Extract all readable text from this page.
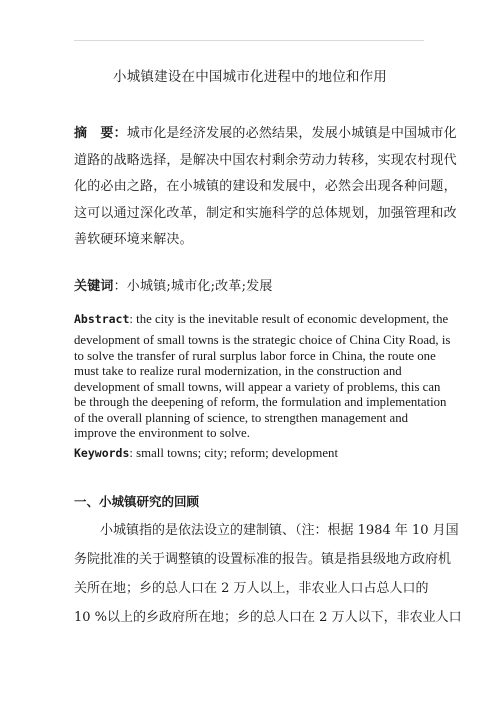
小城镇建设在中国城市化进程中的地位和作用
摘　要：城市化是经济发展的必然结果，发展小城镇是中国城市化
道路的战略选择，是解决中国农村剩余劳动力转移，实现农村现代
化的必由之路，在小城镇的建设和发展中，必然会出现各种问题，
这可以通过深化改革，制定和实施科学的总体规划，加强管理和改
善软硬环境来解决。
关键词：小城镇;城市化;改革;发展
Abstract: the city is the inevitable result of economic development, the
development of small towns is the strategic choice of China City Road, is
to solve the transfer of rural surplus labor force in China, the route one
must take to realize rural modernization, in the construction and
development of small towns, will appear a variety of problems, this can
be through the deepening of reform, the formulation and implementation
of the overall planning of science, to strengthen management and
improve the environment to solve.
Keywords: small towns; city; reform; development
一、小城镇研究的回顾
小城镇指的是依法设立的建制镇、（注：根据 1984 年 10 月国
务院批准的关于调整镇的设置标准的报告。镇是指县级地方政府机
关所在地；乡的总人口在 2 万人以上，非农业人口占总人口的
10 %以上的乡政府所在地；乡的总人口在 2 万人以下，非农业人口
